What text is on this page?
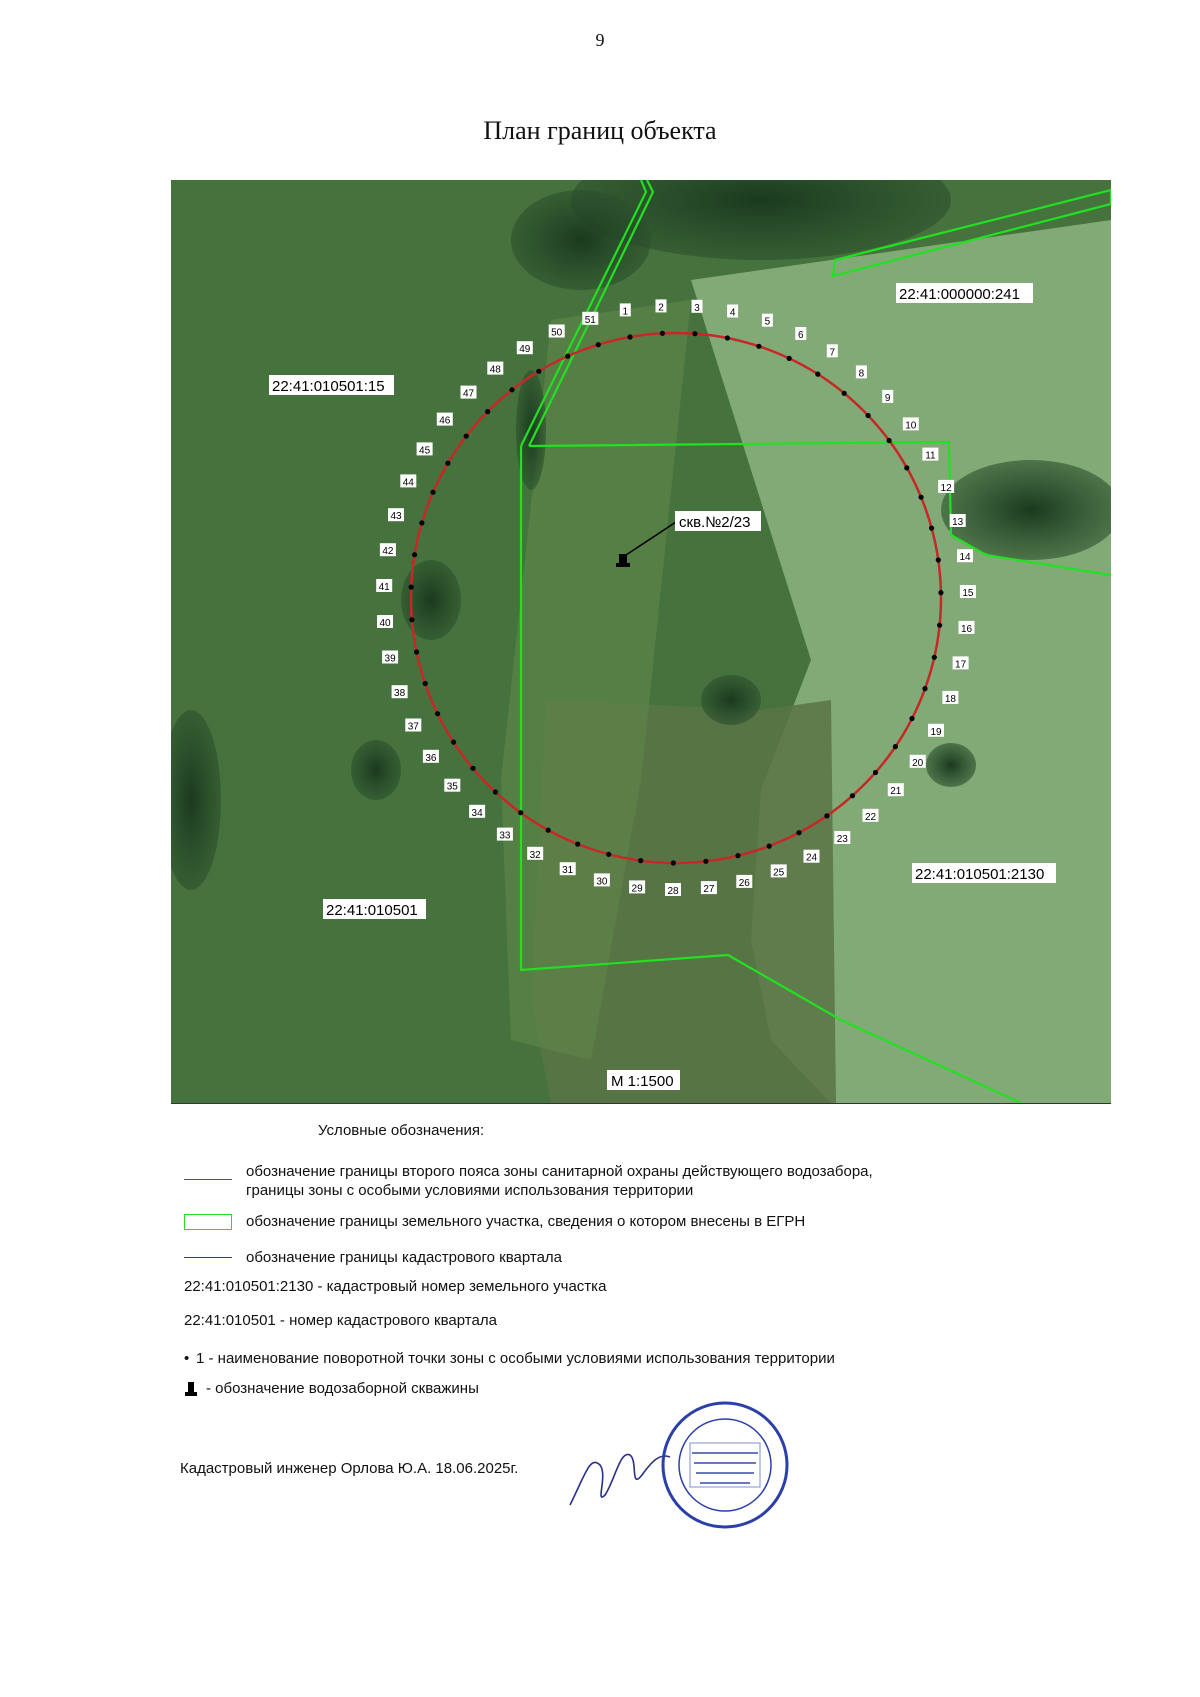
9
План границ объекта
1	2	3	4
5
6
7
8
9
10
11
12
13
14
15
16
17
18
19
20
21
22
23
24
25
26
27
28
29
30
31
32
33
34
35
36
37
38
39
40
41
42
43
44
45
46
47
48
49
50
51
скв.№2/23
22:41:010501:15
22:41:000000:241
22:41:010501:2130
22:41:010501
М 1:1500
Условные обозначения:
обозначение границы второго пояса зоны санитарной охраны действующего водозабора,
границы зоны с особыми условиями использования территории
обозначение границы земельного участка, сведения о котором внесены в ЕГРН
обозначение границы кадастрового квартала
22:41:010501:2130 - кадастровый номер земельного участка
22:41:010501 - номер кадастрового квартала
• 1 - наименование поворотной точки зоны с особыми условиями использования территории
- обозначение водозаборной скважины
Кадастровый инженер Орлова Ю.А. 18.06.2025г.
